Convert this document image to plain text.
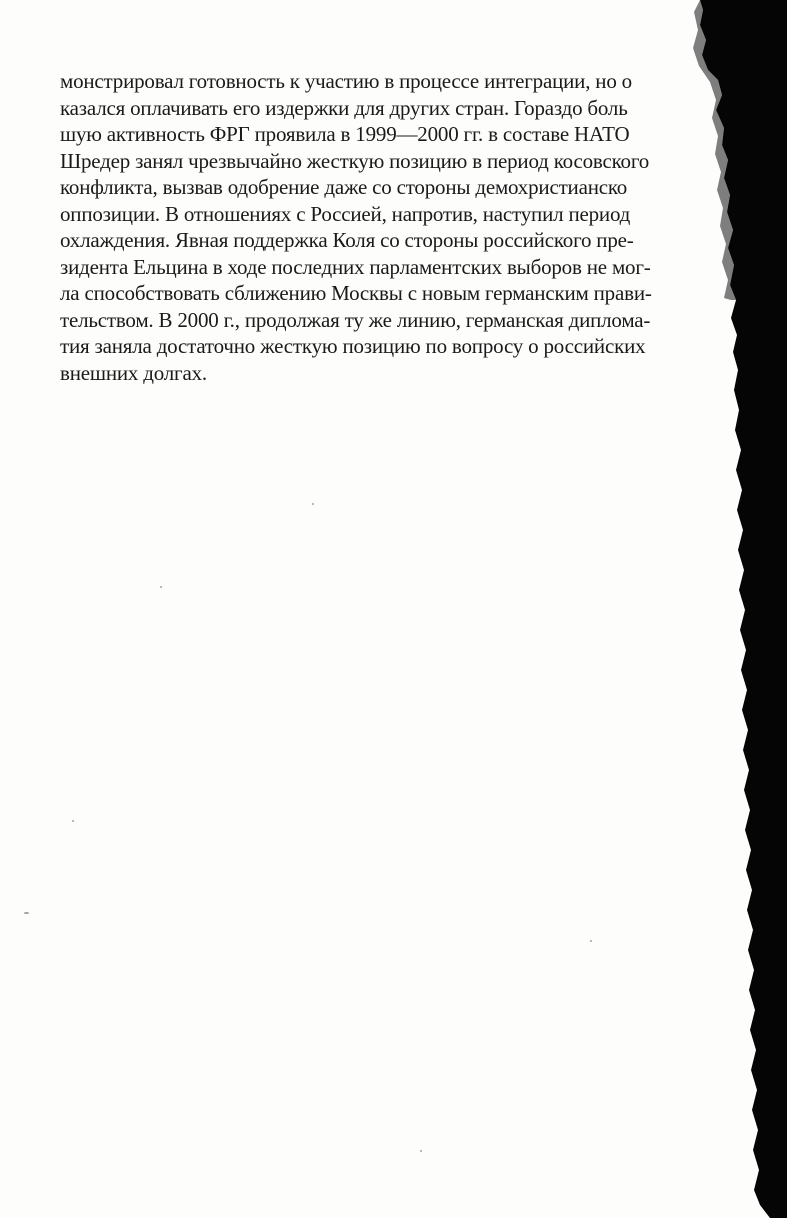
монстрировал готовность к участию в процессе интеграции, но о
казался оплачивать его издержки для других стран. Гораздо боль
шую активность ФРГ проявила в 1999—2000 гг. в составе НАТО
Шредер занял чрезвычайно жесткую позицию в период косовского
конфликта, вызвав одобрение даже со стороны демохристианско
оппозиции. В отношениях с Россией, напротив, наступил период
охлаждения. Явная поддержка Коля со стороны российского пре-
зидента Ельцина в ходе последних парламентских выборов не мог-
ла способствовать сближению Москвы с новым германским прави-
тельством. В 2000 г., продолжая ту же линию, германская диплома-
тия заняла достаточно жесткую позицию по вопросу о российских
внешних долгах.
